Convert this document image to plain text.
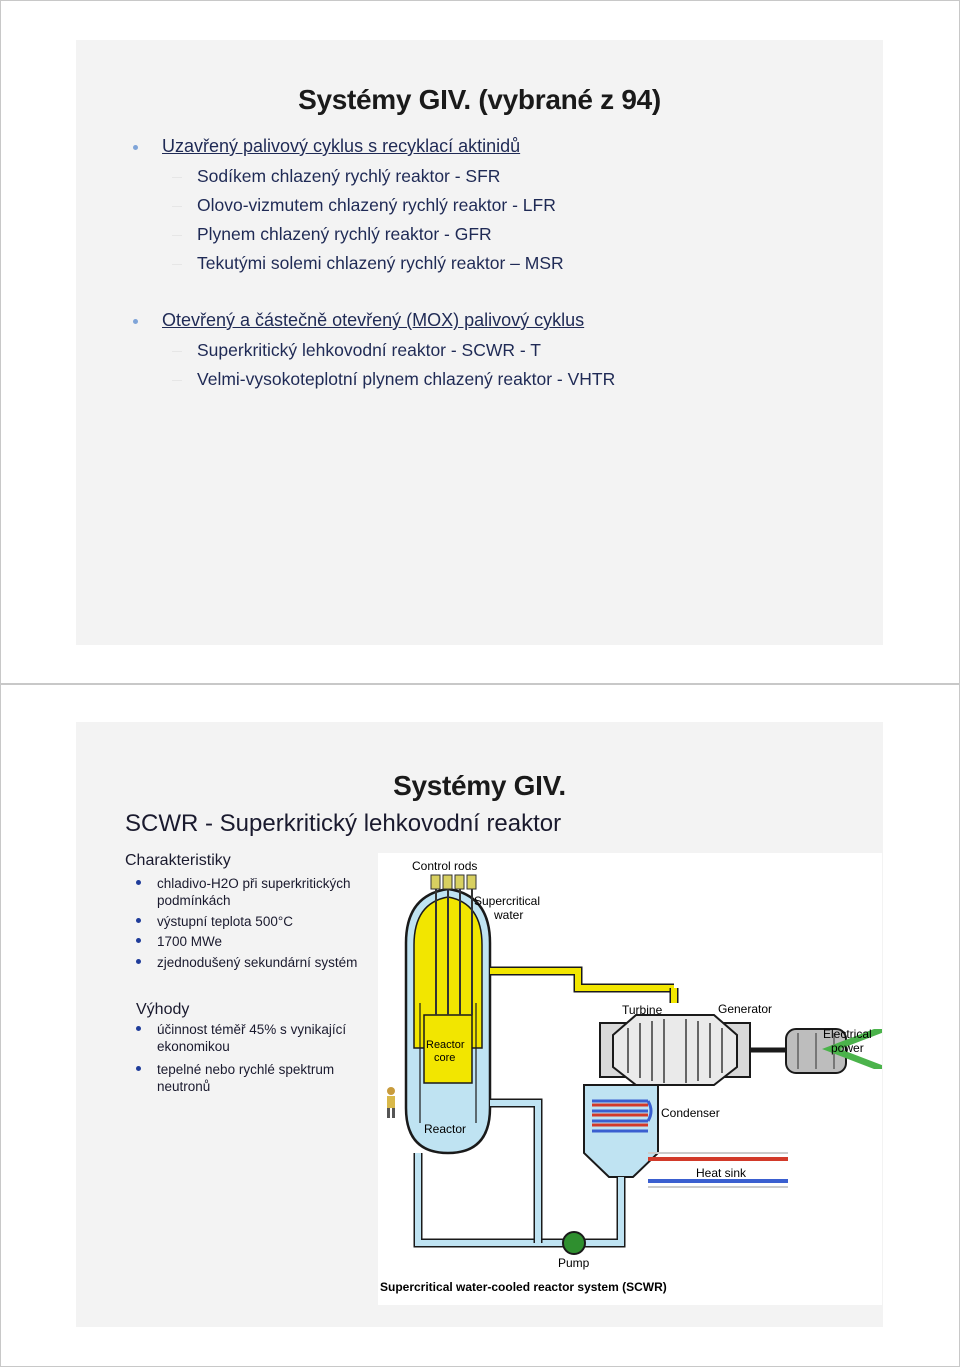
Systémy GIV. (vybrané z 94)
Uzavřený palivový cyklus s recyklací aktinidů
Sodíkem chlazený rychlý reaktor - SFR
Olovo-vizmutem chlazený rychlý reaktor - LFR
Plynem chlazený rychlý reaktor - GFR
Tekutými solemi chlazený rychlý reaktor – MSR
Otevřený a částečně otevřený (MOX) palivový cyklus
Superkritický lehkovodní reaktor - SCWR - T
Velmi-vysokoteplotní plynem chlazený reaktor - VHTR
Systémy GIV.
SCWR - Superkritický lehkovodní reaktor
Charakteristiky
chladivo-H2O při superkritických podmínkách
výstupní teplota 500°C
1700 MWe
zjednodušený sekundární systém
Výhody
účinnost téměř 45% s vynikající ekonomikou
tepelné nebo rychlé spektrum neutronů
Control rods
Supercritical
water
Reactor
core
Reactor
Turbine	Generator
Electrical
power
Condenser
Heat sink
Pump
Supercritical water-cooled reactor system (SCWR)
